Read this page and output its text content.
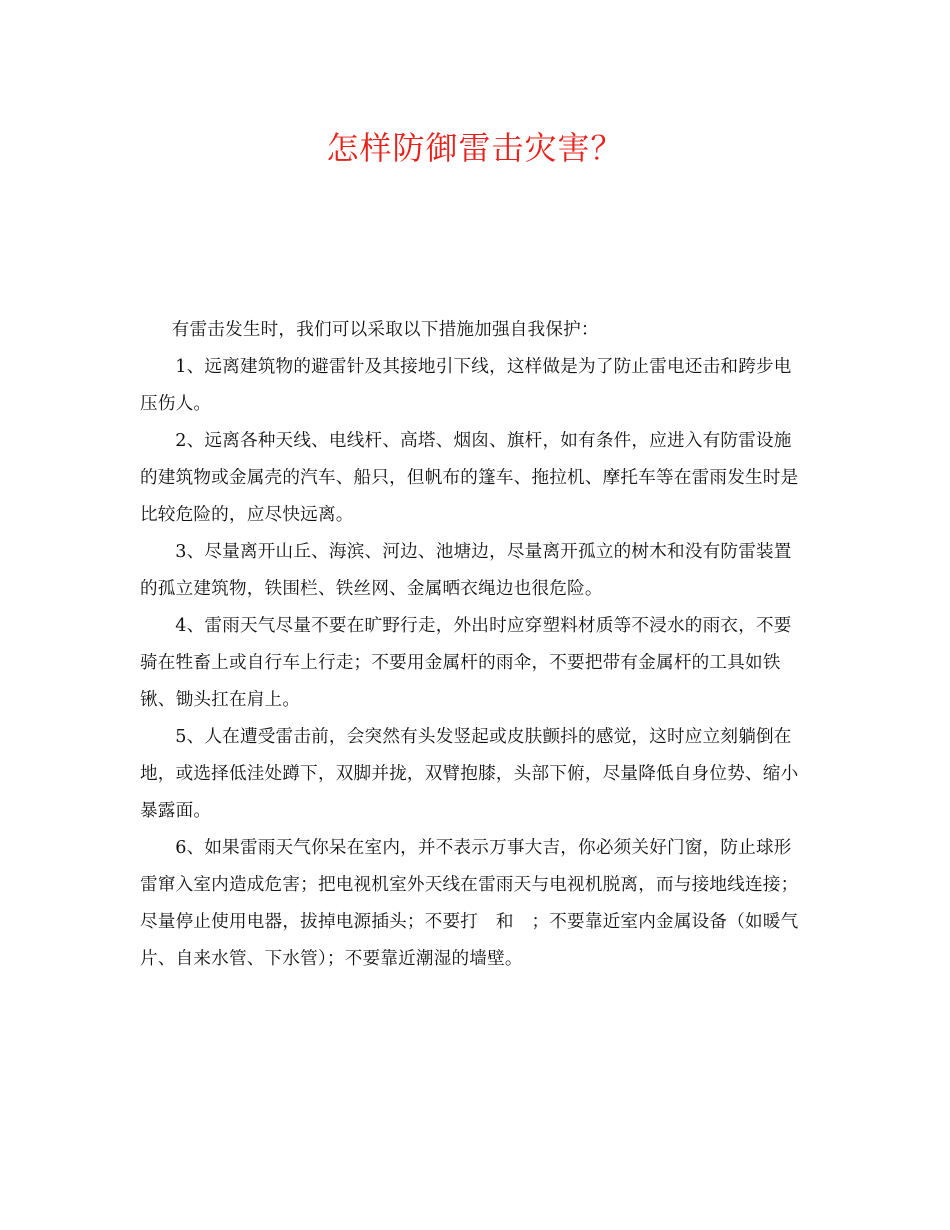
怎样防御雷击灾害？

有雷击发生时，我们可以采取以下措施加强自我保护：

1、远离建筑物的避雷针及其接地引下线，这样做是为了防止雷电还击和跨步电压伤人。

2、远离各种天线、电线杆、高塔、烟囱、旗杆，如有条件，应进入有防雷设施的建筑物或金属壳的汽车、船只，但帆布的篷车、拖拉机、摩托车等在雷雨发生时是比较危险的，应尽快远离。

3、尽量离开山丘、海滨、河边、池塘边，尽量离开孤立的树木和没有防雷装置的孤立建筑物，铁围栏、铁丝网、金属晒衣绳边也很危险。

4、雷雨天气尽量不要在旷野行走，外出时应穿塑料材质等不浸水的雨衣，不要骑在牲畜上或自行车上行走；不要用金属杆的雨伞，不要把带有金属杆的工具如铁锹、锄头扛在肩上。

5、人在遭受雷击前，会突然有头发竖起或皮肤颤抖的感觉，这时应立刻躺倒在地，或选择低洼处蹲下，双脚并拢，双臂抱膝，头部下俯，尽量降低自身位势、缩小暴露面。

6、如果雷雨天气你呆在室内，并不表示万事大吉，你必须关好门窗，防止球形雷窜入室内造成危害；把电视机室外天线在雷雨天与电视机脱离，而与接地线连接；尽量停止使用电器，拔掉电源插头；不要打　和　；不要靠近室内金属设备（如暖气片、自来水管、下水管）；不要靠近潮湿的墙壁。
